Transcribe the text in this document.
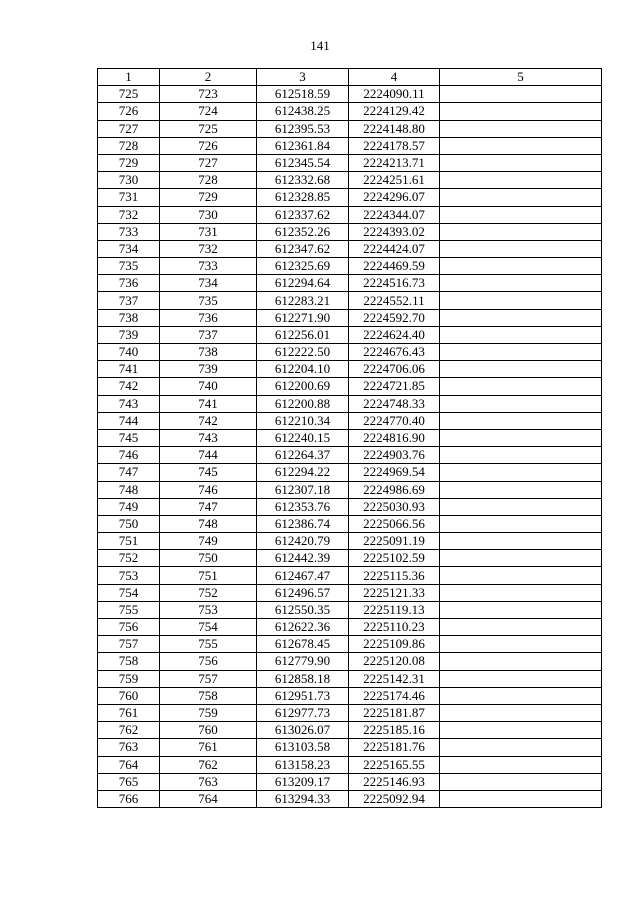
141
1	2	3	4	5
725	723	612518.59	2224090.11	
726	724	612438.25	2224129.42	
727	725	612395.53	2224148.80	
728	726	612361.84	2224178.57	
729	727	612345.54	2224213.71	
730	728	612332.68	2224251.61	
731	729	612328.85	2224296.07	
732	730	612337.62	2224344.07	
733	731	612352.26	2224393.02	
734	732	612347.62	2224424.07	
735	733	612325.69	2224469.59	
736	734	612294.64	2224516.73	
737	735	612283.21	2224552.11	
738	736	612271.90	2224592.70	
739	737	612256.01	2224624.40	
740	738	612222.50	2224676.43	
741	739	612204.10	2224706.06	
742	740	612200.69	2224721.85	
743	741	612200.88	2224748.33	
744	742	612210.34	2224770.40	
745	743	612240.15	2224816.90	
746	744	612264.37	2224903.76	
747	745	612294.22	2224969.54	
748	746	612307.18	2224986.69	
749	747	612353.76	2225030.93	
750	748	612386.74	2225066.56	
751	749	612420.79	2225091.19	
752	750	612442.39	2225102.59	
753	751	612467.47	2225115.36	
754	752	612496.57	2225121.33	
755	753	612550.35	2225119.13	
756	754	612622.36	2225110.23	
757	755	612678.45	2225109.86	
758	756	612779.90	2225120.08	
759	757	612858.18	2225142.31	
760	758	612951.73	2225174.46	
761	759	612977.73	2225181.87	
762	760	613026.07	2225185.16	
763	761	613103.58	2225181.76	
764	762	613158.23	2225165.55	
765	763	613209.17	2225146.93	
766	764	613294.33	2225092.94	
